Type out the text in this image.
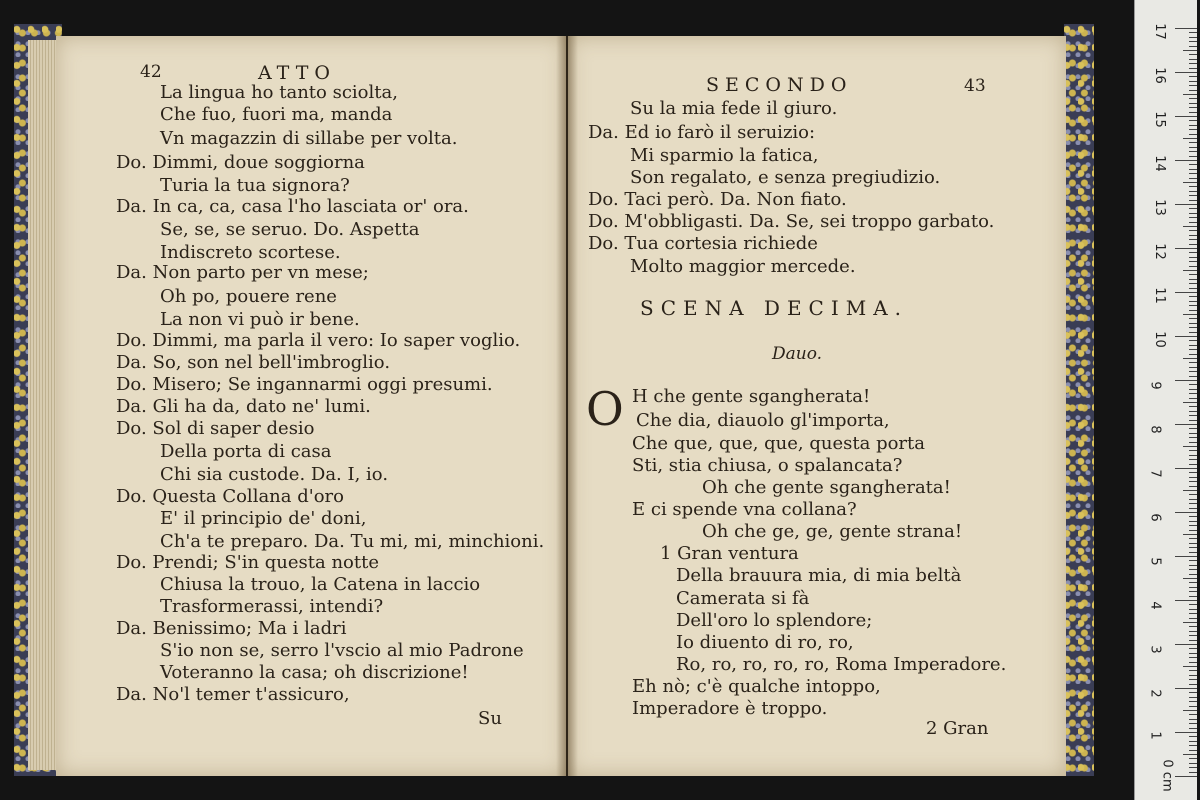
42	ATTO
La lingua ho tanto sciolta,
Che fuo, fuori ma, manda
Vn magazzin di sillabe per volta.
Do. Dimmi, doue soggiorna
Turia la tua signora?
Da. In ca, ca, casa l'ho lasciata or' ora.
Se, se, se seruo. Do. Aspetta
Indiscreto scortese.
Da. Non parto per vn mese;
Oh po, pouere rene
La non vi può ir bene.
Do. Dimmi, ma parla il vero: Io saper voglio.
Da. So, son nel bell'imbroglio.
Do. Misero; Se ingannarmi oggi presumi.
Da. Gli ha da, dato ne' lumi.
Do. Sol di saper desio
Della porta di casa
Chi sia custode. Da. I, io.
Do. Questa Collana d'oro
E' il principio de' doni,
Ch'a te preparo. Da. Tu mi, mi, minchioni.
Do. Prendi; S'in questa notte
Chiusa la trouo, la Catena in laccio
Trasformerassi, intendi?
Da. Benissimo; Ma i ladri
S'io non se, serro l'vscio al mio Padrone
Voteranno la casa; oh discrizione!
Da. No'l temer t'assicuro,
Su
SECONDO	43
Su la mia fede il giuro.
Da. Ed io farò il seruizio:
Mi sparmio la fatica,
Son regalato, e senza pregiudizio.
Do. Taci però. Da. Non fiato.
Do. M'obbligasti. Da. Se, sei troppo garbato.
Do. Tua cortesia richiede
Molto maggior mercede.
SCENA DECIMA.
Dauo.
O H che gente sgangherata!
Che dia, diauolo gl'importa,
Che que, que, que, questa porta
Sti, stia chiusa, o spalancata?
Oh che gente sgangherata!
E ci spende vna collana?
Oh che ge, ge, gente strana!
1 Gran ventura
Della brauura mia, di mia beltà
Camerata si fà
Dell'oro lo splendore;
Io diuento di ro, ro,
Ro, ro, ro, ro, ro, Roma Imperadore.
Eh nò; c'è qualche intoppo,
Imperadore è troppo.
2 Gran
0 cm
1
2
3
4
5
6
7
8
9
10
11
12
13
14
15
16
17
